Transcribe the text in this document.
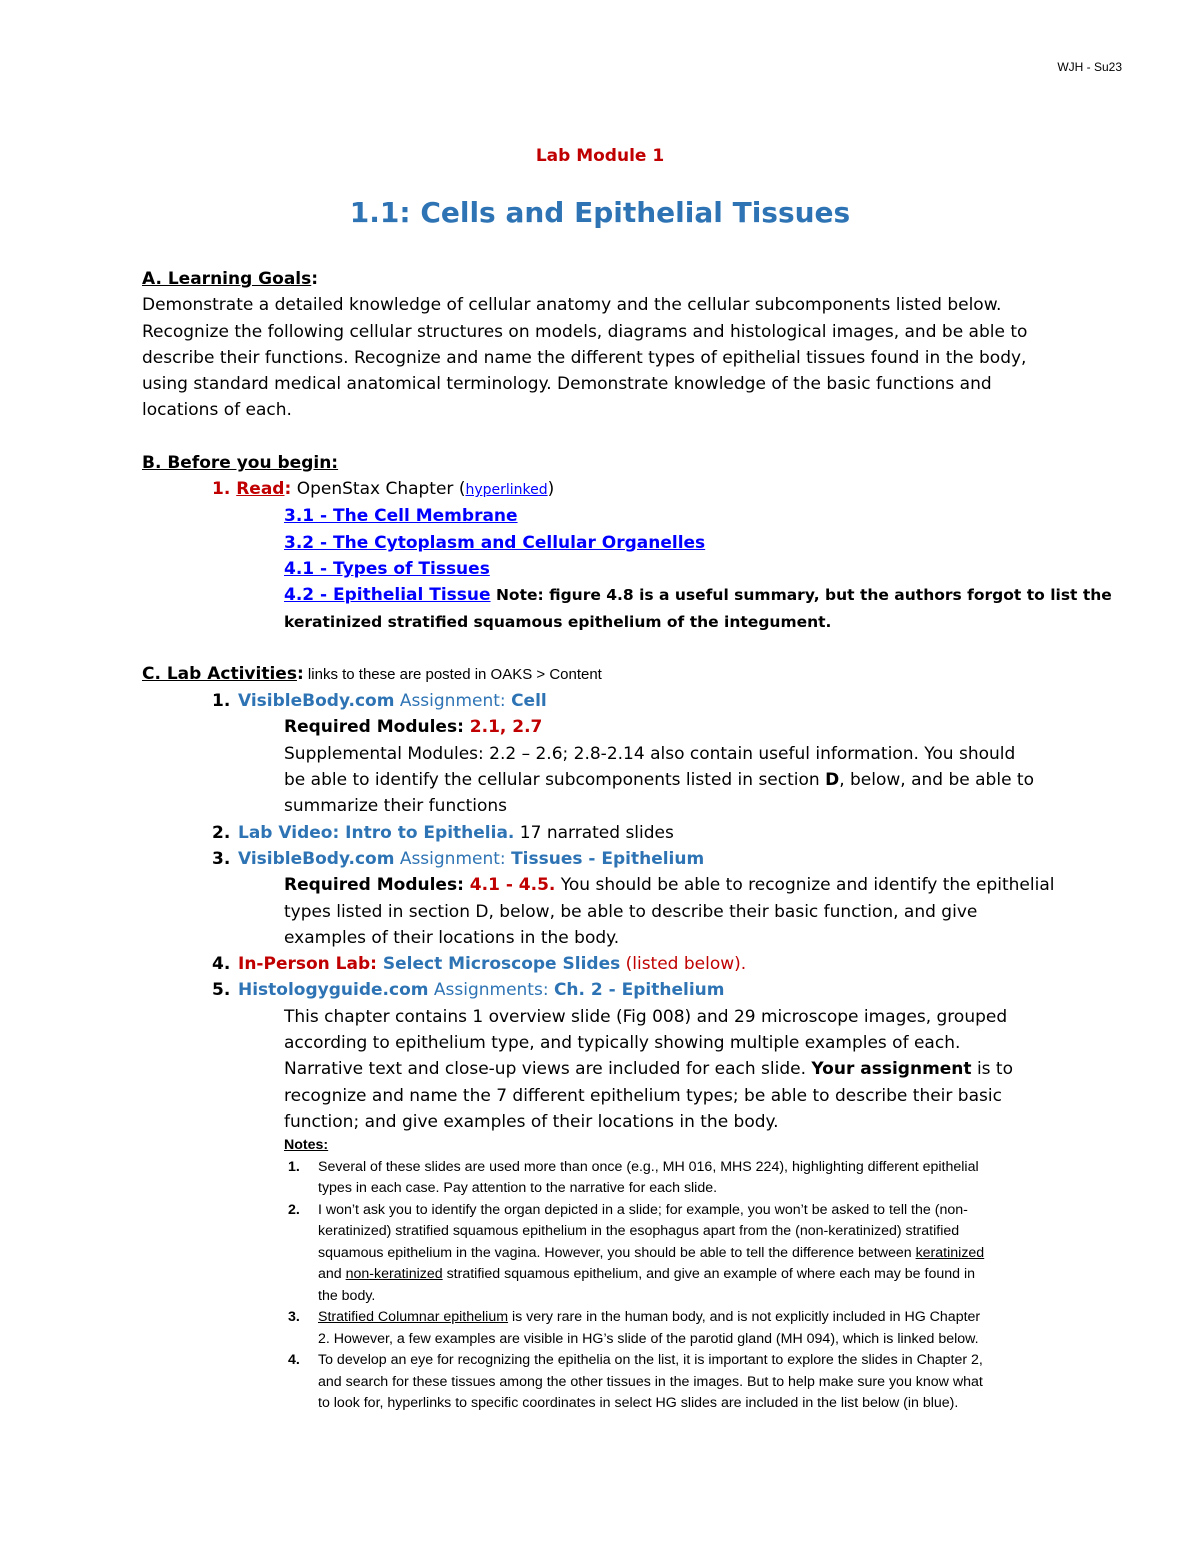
WJH - Su23
Lab Module 1
1.1: Cells and Epithelial Tissues
A. Learning Goals:
Demonstrate a detailed knowledge of cellular anatomy and the cellular subcomponents listed below.
Recognize the following cellular structures on models, diagrams and histological images, and be able to
describe their functions. Recognize and name the different types of epithelial tissues found in the body,
using standard medical anatomical terminology. Demonstrate knowledge of the basic functions and
locations of each.
B. Before you begin:
1. Read: OpenStax Chapter (hyperlinked)
3.1 - The Cell Membrane
3.2 - The Cytoplasm and Cellular Organelles
4.1 - Types of Tissues
4.2 - Epithelial Tissue Note: figure 4.8 is a useful summary, but the authors forgot to list the
keratinized stratified squamous epithelium of the integument.
C. Lab Activities: links to these are posted in OAKS > Content
1. VisibleBody.com Assignment: Cell
Required Modules: 2.1, 2.7
Supplemental Modules: 2.2 – 2.6; 2.8-2.14 also contain useful information. You should
be able to identify the cellular subcomponents listed in section D, below, and be able to
summarize their functions
2. Lab Video: Intro to Epithelia. 17 narrated slides
3. VisibleBody.com Assignment: Tissues - Epithelium
Required Modules: 4.1 - 4.5. You should be able to recognize and identify the epithelial
types listed in section D, below, be able to describe their basic function, and give
examples of their locations in the body.
4. In-Person Lab: Select Microscope Slides (listed below).
5. Histologyguide.com Assignments: Ch. 2 - Epithelium
This chapter contains 1 overview slide (Fig 008) and 29 microscope images, grouped
according to epithelium type, and typically showing multiple examples of each.
Narrative text and close-up views are included for each slide. Your assignment is to
recognize and name the 7 different epithelium types; be able to describe their basic
function; and give examples of their locations in the body.
Notes:
1.	Several of these slides are used more than once (e.g., MH 016, MHS 224), highlighting different epithelial
types in each case. Pay attention to the narrative for each slide.
2.	I won’t ask you to identify the organ depicted in a slide; for example, you won’t be asked to tell the (non-
keratinized) stratified squamous epithelium in the esophagus apart from the (non-keratinized) stratified
squamous epithelium in the vagina. However, you should be able to tell the difference between keratinized
and non-keratinized stratified squamous epithelium, and give an example of where each may be found in
the body.
3.	Stratified Columnar epithelium is very rare in the human body, and is not explicitly included in HG Chapter
2. However, a few examples are visible in HG’s slide of the parotid gland (MH 094), which is linked below.
4.	To develop an eye for recognizing the epithelia on the list, it is important to explore the slides in Chapter 2,
and search for these tissues among the other tissues in the images. But to help make sure you know what
to look for, hyperlinks to specific coordinates in select HG slides are included in the list below (in blue).
